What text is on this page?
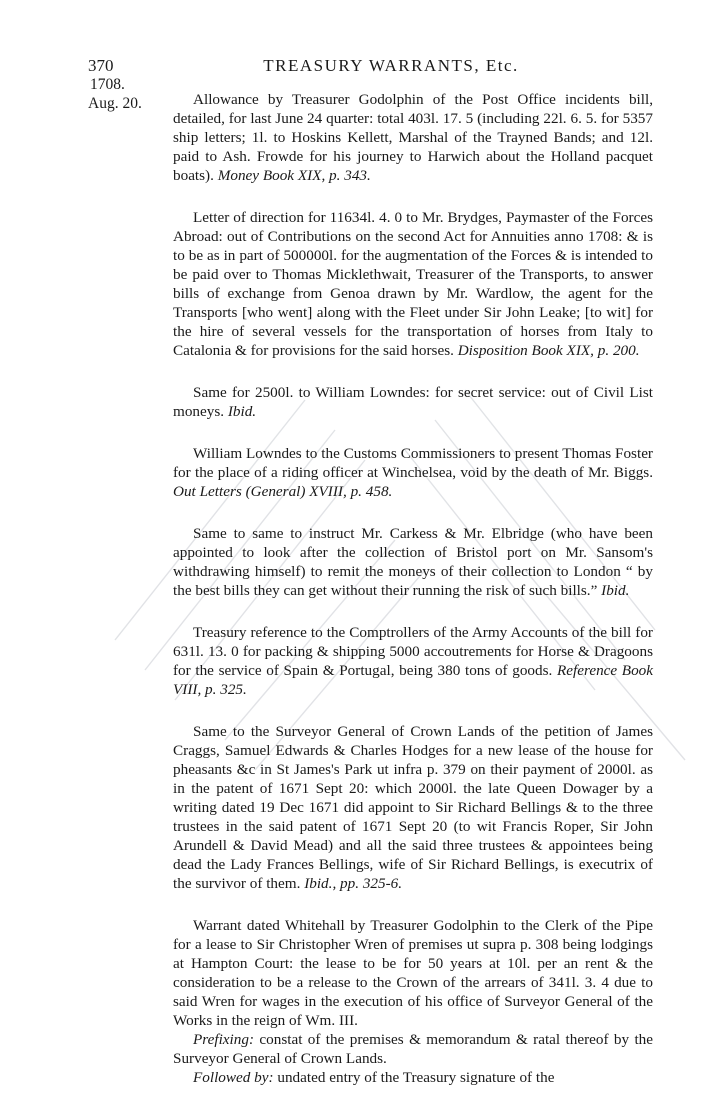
370	TREASURY WARRANTS, Etc.
1708.
Aug. 20.	Allowance by Treasurer Godolphin of the Post Office incidents bill, detailed, for last June 24 quarter: total 403l. 17. 5 (including 22l. 6. 5. for 5357 ship letters; 1l. to Hoskins Kellett, Marshal of the Trayned Bands; and 12l. paid to Ash. Frowde for his journey to Harwich about the Holland pacquet boats). Money Book XIX, p. 343.

Letter of direction for 11634l. 4. 0 to Mr. Brydges, Paymaster of the Forces Abroad: out of Contributions on the second Act for Annuities anno 1708: & is to be as in part of 500000l. for the augmentation of the Forces & is intended to be paid over to Thomas Micklethwait, Treasurer of the Transports, to answer bills of exchange from Genoa drawn by Mr. Wardlow, the agent for the Transports [who went] along with the Fleet under Sir John Leake; [to wit] for the hire of several vessels for the transportation of horses from Italy to Catalonia & for provisions for the said horses. Disposition Book XIX, p. 200.

Same for 2500l. to William Lowndes: for secret service: out of Civil List moneys. Ibid.

William Lowndes to the Customs Commissioners to present Thomas Foster for the place of a riding officer at Winchelsea, void by the death of Mr. Biggs. Out Letters (General) XVIII, p. 458.

Same to same to instruct Mr. Carkess & Mr. Elbridge (who have been appointed to look after the collection of Bristol port on Mr. Sansom's withdrawing himself) to remit the moneys of their collection to London “ by the best bills they can get without their running the risk of such bills.” Ibid.

Treasury reference to the Comptrollers of the Army Accounts of the bill for 631l. 13. 0 for packing & shipping 5000 accoutrements for Horse & Dragoons for the service of Spain & Portugal, being 380 tons of goods. Reference Book VIII, p. 325.

Same to the Surveyor General of Crown Lands of the petition of James Craggs, Samuel Edwards & Charles Hodges for a new lease of the house for pheasants &c in St James's Park ut infra p. 379 on their payment of 2000l. as in the patent of 1671 Sept 20: which 2000l. the late Queen Dowager by a writing dated 19 Dec 1671 did appoint to Sir Richard Bellings & to the three trustees in the said patent of 1671 Sept 20 (to wit Francis Roper, Sir John Arundell & David Mead) and all the said three trustees & appointees being dead the Lady Frances Bellings, wife of Sir Richard Bellings, is executrix of the survivor of them. Ibid., pp. 325-6.

Warrant dated Whitehall by Treasurer Godolphin to the Clerk of the Pipe for a lease to Sir Christopher Wren of premises ut supra p. 308 being lodgings at Hampton Court: the lease to be for 50 years at 10l. per an rent & the consideration to be a release to the Crown of the arrears of 341l. 3. 4 due to said Wren for wages in the execution of his office of Surveyor General of the Works in the reign of Wm. III.

Prefixing: constat of the premises & memorandum & ratal thereof by the Surveyor General of Crown Lands.

Followed by: undated entry of the Treasury signature of the
